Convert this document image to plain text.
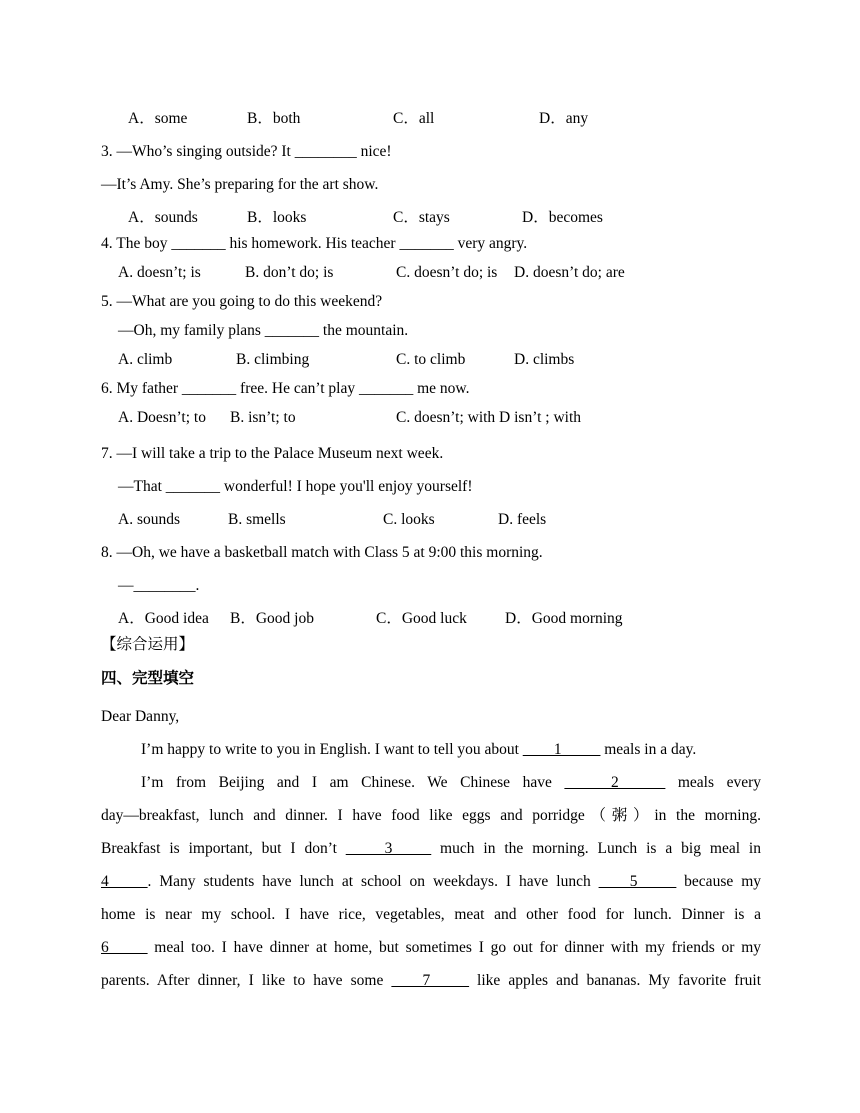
A．some	B．both	C．all	D．any
3. —Who’s singing outside? It ________ nice!
—It’s Amy. She’s preparing for the art show.
A．sounds	B．looks	C．stays	D．becomes
4. The boy _______ his homework. His teacher _______ very angry.
A. doesn’t; is	B. don’t do; is	C. doesn’t do; is D. doesn’t do; are
5. —What are you going to do this weekend?
—Oh, my family plans _______ the mountain.
A. climb	B. climbing	C. to climb	D. climbs
6. My father _______ free. He can’t play _______ me now.
A. Doesn’t; to B. isn’t; to	C. doesn’t; with D isn’t ; with
7. —I will take a trip to the Palace Museum next week.
—That _______ wonderful! I hope you'll enjoy yourself!
A. sounds	B. smells	C. looks	D. feels
8. —Oh, we have a basketball match with Class 5 at 9:00 this morning.
—________.
A．Good idea B．Good job	C．Good luck D．Good morning
【综合运用】
四、完型填空
Dear Danny,
I’m happy to write to you in English. I want to tell you about ____1_____ meals in a day.
I’m from Beijing and I am Chinese. We Chinese have ______2______ meals every
day—breakfast, lunch and dinner. I have food like eggs and porridge（粥）in the morning.
Breakfast is important, but I don’t _____3_____ much in the morning. Lunch is a big meal in
4_____. Many students have lunch at school on weekdays. I have lunch ____5_____ because my
home is near my school. I have rice, vegetables, meat and other food for lunch. Dinner is a
6_____ meal too. I have dinner at home, but sometimes I go out for dinner with my friends or my
parents. After dinner, I like to have some ____7_____ like apples and bananas. My favorite fruit
